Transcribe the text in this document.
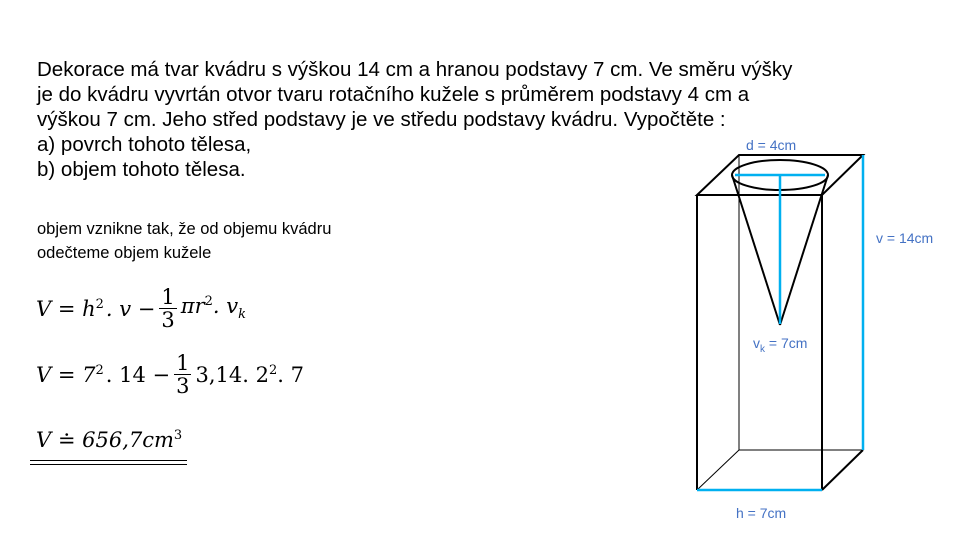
Dekorace má tvar kvádru s výškou 14 cm a hranou podstavy 7 cm. Ve směru výšky
je do kvádru vyvrtán otvor tvaru rotačního kužele s průměrem podstavy 4 cm a
výškou 7 cm. Jeho střed podstavy je ve středu podstavy kvádru. Vypočtěte :
a) povrch tohoto tělesa,
b) objem tohoto tělesa.
objem vznikne tak, že od objemu kvádru
odečteme objem kužele
$V = h^2$ . $v - \frac{1}{3} \pi r^2$. $v_k$
$V = 7^2$ . $14 - \frac{1}{3} 3,14$. $2^2$. 7
V ≐ $656,7cm^3$
d = 4cm
v = 14cm
$v_k = 7cm$
h = 7cm
